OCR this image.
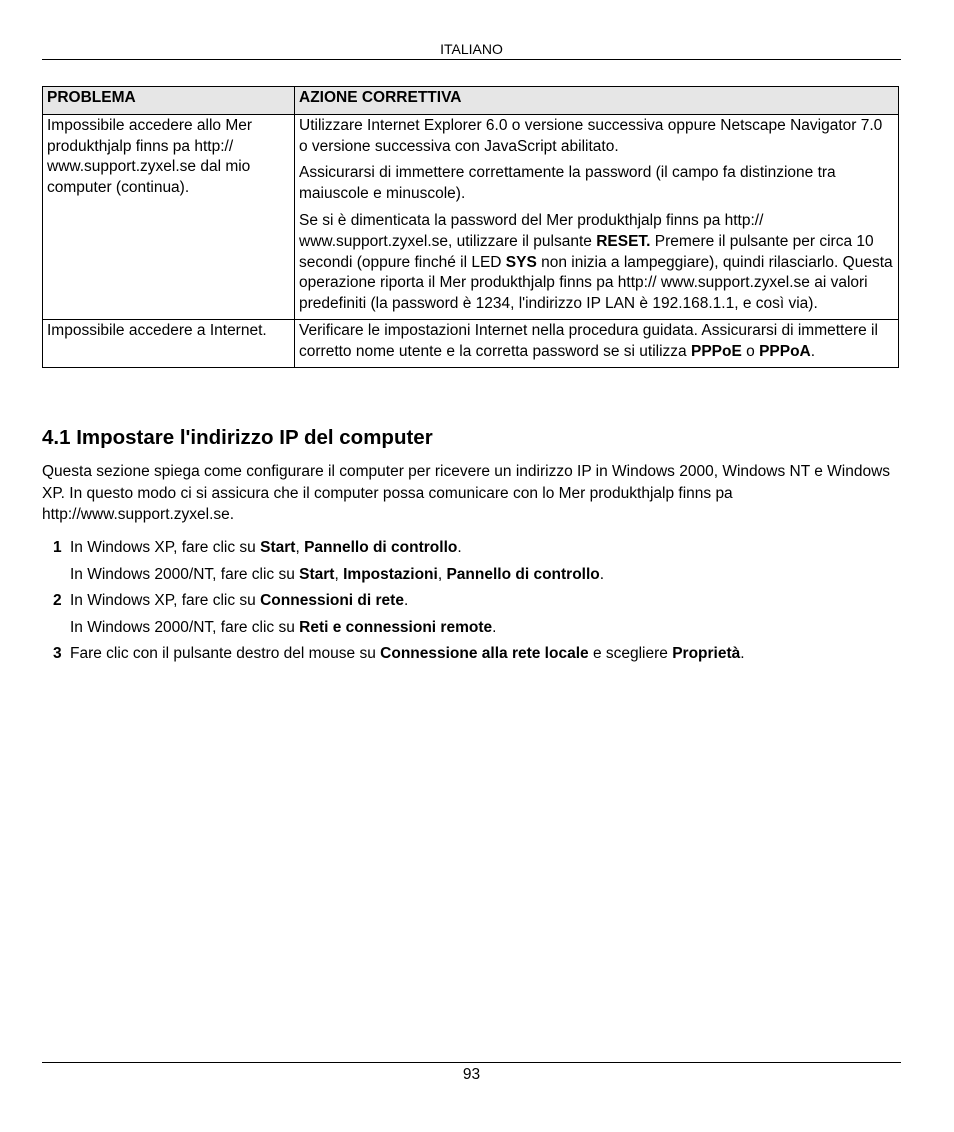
ITALIANO
PROBLEMA	AZIONE CORRETTIVA
Impossibile accedere allo Mer produkthjalp finns pa http:// www.support.zyxel.se dal mio computer (continua).	Utilizzare Internet Explorer 6.0 o versione successiva oppure Netscape Navigator 7.0 o versione successiva con JavaScript abilitato.

Assicurarsi di immettere correttamente la password (il campo fa distinzione tra maiuscole e minuscole).

Se si è dimenticata la password del Mer produkthjalp finns pa http:// www.support.zyxel.se, utilizzare il pulsante RESET. Premere il pulsante per circa 10 secondi (oppure finché il LED SYS non inizia a lampeggiare), quindi rilasciarlo. Questa operazione riporta il Mer produkthjalp finns pa http:// www.support.zyxel.se ai valori predefiniti (la password è 1234, l'indirizzo IP LAN è 192.168.1.1, e così via).

Impossibile accedere a Internet.	Verificare le impostazioni Internet nella procedura guidata. Assicurarsi di immettere il corretto nome utente e la corretta password se si utilizza PPPoE o PPPoA.
4.1 Impostare l'indirizzo IP del computer

Questa sezione spiega come configurare il computer per ricevere un indirizzo IP in Windows 2000, Windows NT e Windows XP. In questo modo ci si assicura che il computer possa comunicare con lo Mer produkthjalp finns pa http://www.support.zyxel.se.

1 In Windows XP, fare clic su Start, Pannello di controllo.
In Windows 2000/NT, fare clic su Start, Impostazioni, Pannello di controllo.
2 In Windows XP, fare clic su Connessioni di rete.
In Windows 2000/NT, fare clic su Reti e connessioni remote.
3 Fare clic con il pulsante destro del mouse su Connessione alla rete locale e scegliere Proprietà.
93
